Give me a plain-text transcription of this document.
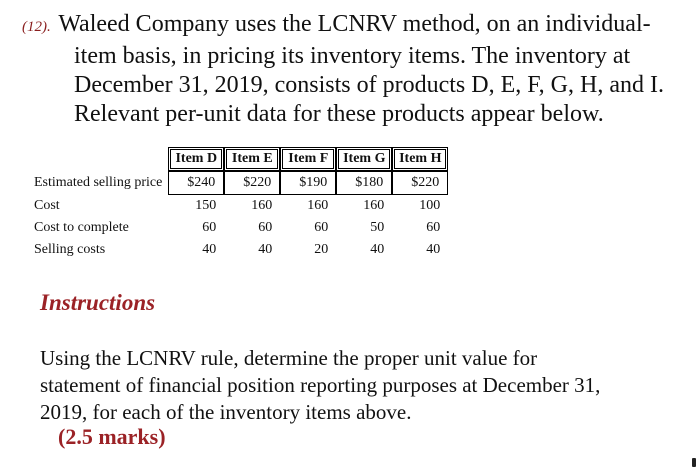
(12). Waleed Company uses the LCNRV method, on an individual-
item basis, in pricing its inventory items. The inventory at
December 31, 2019, consists of products D, E, F, G, H, and I.
Relevant per-unit data for these products appear below.

	Item D	Item E	Item F	Item G	Item H

Estimated selling price	$240	$220	$190	$180	$220
Cost	150	160	160	160	100
Cost to complete	60	60	60	50	60
Selling costs	40	40	20	40	40
Instructions
Using the LCNRV rule, determine the proper unit value for
statement of financial position reporting purposes at December 31,
2019, for each of the inventory items above.
(2.5 marks)
